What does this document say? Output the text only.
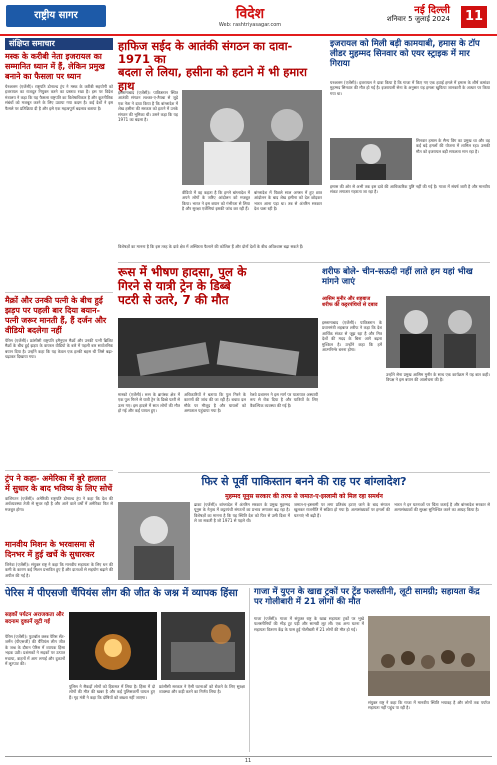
राष्ट्रीय सागर	विदेश
Web: rashtriyasagar.com
नई दिल्ली
शनिवार 5 जुलाई 2024	11
संक्षिप्त समाचार
मस्क के करीबी नेता इजरायल का सम्मानित ध्यान में हैं, लेकिन प्रमुख बनाने का फैसला पर ध्यान
येरुशलम (एजेंसी)। राष्ट्रपति डोनाल्ड ट्रंप ने मस्क के करीबी सहयोगी को इजरायल का राजदूत नियुक्त करने का प्रस्ताव रखा है। इस पर विदेश मंत्रालय ने कहा कि यह फैसला राष्ट्रपति का विशेषाधिकार है और कूटनीतिक संबंधों को मजबूत करने के लिए उठाया गया कदम है। कई देशों ने इस फैसले पर प्रतिक्रिया दी है और इसे एक महत्वपूर्ण बदलाव बताया है।
मैक्रों और उनकी पत्नी के बीच हुई झड़प पर पहली बार दिया बयान- पत्नी जरूर मानती हैं, हैं दर्जन और वीडियो बदलेगा नहीं
पेरिस (एजेंसी)। फ्रांसीसी राष्ट्रपति इमैनुएल मैक्रों और उनकी पत्नी ब्रिजिट मैक्रों के बीच हुई झड़प के वायरल वीडियो के बारे में पहली बार सार्वजनिक बयान दिया है। उन्होंने कहा कि यह केवल एक हल्की बहस थी जिसे बढ़ा-चढ़ाकर दिखाया गया।
ट्रंप ने कहा- अमेरिका में बुरे हालात में सुधार के बाद भविष्य के लिए सोचें
वाशिंगटन (एजेंसी)। अमेरिकी राष्ट्रपति डोनाल्ड ट्रंप ने कहा कि देश की अर्थव्यवस्था तेजी से सुधर रही है और आने वाले वर्षों में अमेरिका फिर से मजबूत होगा।
मानवीय मिशन के भरवासमा से दिनभर में हुई खर्चे के सुधारकर
जिनेवा (एजेंसी)। संयुक्त राष्ट्र ने कहा कि मानवीय सहायता के लिए धन की कमी के कारण कई मिशन प्रभावित हुए हैं और दाताओं से सहयोग बढ़ाने की अपील की गई है।
हाफिज सईद के आतंकी संगठन का दावा- 1971 का
बदला ले लिया, हसीना को हटाने में भी हमारा हाथ
इस्लामाबाद (एजेंसी)। पाकिस्तान स्थित आतंकी संगठन लश्कर-ए-तैयबा से जुड़े एक नेता ने दावा किया है कि बांग्लादेश में शेख हसीना की सरकार को हटाने में उनके संगठन की भूमिका थी। उसने कहा कि यह 1971 का बदला है।
वीडियो में वह कहता है कि हमने बांग्लादेश में अपने लोगों के जरिए आंदोलन को मजबूत किया। भारत ने इस बयान को गंभीरता से लिया है और सुरक्षा एजेंसियां इसकी जांच कर रही हैं।
बांग्लादेश में पिछले साल अगस्त में हुए छात्र आंदोलन के बाद शेख हसीना को देश छोड़कर भारत आना पड़ा था। तब से अंतरिम सरकार देश चला रही है।
विशेषज्ञों का मानना है कि इस तरह के दावे क्षेत्र में अस्थिरता फैलाने की कोशिश हैं और दोनों देशों के बीच अविश्वास बढ़ा सकते हैं।
इजरायल को मिली बड़ी कामयाबी, हमास के टॉप लीडर मुहम्मद सिनवार को एयर स्ट्राइक में मार गिराया
यरुशलम (एजेंसी)। इजरायल ने दावा किया है कि गाजा में किए गए एक हवाई हमले में हमास के शीर्ष कमांडर मुहम्मद सिनवार की मौत हो गई है। इजरायली सेना के अनुसार यह हमला खुफिया जानकारी के आधार पर किया गया था।
सिनवार हमास के सैन्य विंग का प्रमुख था और वह कई बड़े हमलों की योजना में शामिल रहा। उसकी मौत को इजरायल बड़ी सफलता मान रहा है।
हमास की ओर से अभी तक इस दावे की आधिकारिक पुष्टि नहीं की गई है। गाजा में संघर्ष जारी है और मानवीय संकट लगातार गहराता जा रहा है।
रूस में भीषण हादसा, पुल के
गिरने से यात्री ट्रेन के डिब्बे
पटरी से उतरे, 7 की मौत
मास्को (एजेंसी)। रूस के ब्रायंस्क क्षेत्र में एक पुल गिरने से यात्री ट्रेन के डिब्बे पटरी से उतर गए। इस हादसे में सात लोगों की मौत हो गई और कई घायल हुए।
अधिकारियों ने बताया कि पुल गिरने के कारणों की जांच की जा रही है। बचाव दल मौके पर मौजूद है और घायलों को अस्पताल पहुंचाया गया है।
रेलवे प्रशासन ने इस मार्ग पर यातायात अस्थायी रूप से रोक दिया है और यात्रियों के लिए वैकल्पिक व्यवस्था की गई है।
शरीफ बोले- चीन-सऊदी नहीं लाते हम यहां भीख मांगने जाएं
आसिम मुनीर और शहबाज शरीफ की कट्टरपंथियों से दबाव
इस्लामाबाद (एजेंसी)। पाकिस्तान के प्रधानमंत्री शहबाज शरीफ ने कहा कि देश आर्थिक संकट से जूझ रहा है और मित्र देशों की मदद के बिना आगे बढ़ना मुश्किल है। उन्होंने कहा कि हमें आत्मनिर्भर बनना होगा।
उन्होंने सेना प्रमुख आसिम मुनीर के साथ एक कार्यक्रम में यह बात कही। विपक्ष ने इस बयान की आलोचना की है।
फिर से पूर्वी पाकिस्तान बनने की राह पर बांग्लादेश?
मुहम्मद यूनुस सरकार की तरफ से जमात-ए-इस्लामी को मिल रहा समर्थन
ढाका (एजेंसी)। बांग्लादेश में अंतरिम सरकार के प्रमुख मुहम्मद यूनुस के नेतृत्व में कट्टरपंथी संगठनों का प्रभाव लगातार बढ़ रहा है। विशेषज्ञों का मानना है कि यह स्थिति देश को फिर से उसी दिशा में ले जा सकती है जो 1971 से पहले थी।
जमात-ए-इस्लामी पर लगा प्रतिबंध हटाए जाने के बाद संगठन खुलकर राजनीति में सक्रिय हो गया है। अल्पसंख्यकों पर हमलों की घटनाएं भी बढ़ी हैं।
भारत ने इन घटनाओं पर चिंता जताई है और बांग्लादेश सरकार से अल्पसंख्यकों की सुरक्षा सुनिश्चित करने का आग्रह किया है।
पेरिस में पीएसजी चैंपियंस लीग की जीत के जश्न में व्यापक हिंसा
सड़कों पर्यटन अराजकता और बदनाम दुकानें लूटी गईं
पेरिस (एजेंसी)। फुटबॉल क्लब पेरिस सेंट-जर्मेन (पीएसजी) की चैंपियंस लीग जीत के जश्न के दौरान पेरिस में व्यापक हिंसा भड़क उठी। प्रशंसकों ने सड़कों पर उत्पात मचाया, वाहनों में आग लगाई और दुकानों में लूटपाट की।
पुलिस ने सैकड़ों लोगों को हिरासत में लिया है। हिंसा में दो लोगों की मौत की खबर है और कई पुलिसकर्मी घायल हुए हैं। गृह मंत्री ने कहा कि दोषियों को बख्शा नहीं जाएगा।
फ्रांसीसी सरकार ने ऐसी घटनाओं को रोकने के लिए सुरक्षा व्यवस्था और कड़ी करने का निर्णय लिया है।
गाजा में युएन के खाद्य ट्रकों पर ट्रेंड फलस्तीनी, लूटी सामग्री; सहायता केंद्र पर गोलीबारी में 21 लोगों की मौत
गाजा (एजेंसी)। गाजा में संयुक्त राष्ट्र के खाद्य सहायता ट्रकों पर भूखे फलस्तीनियों की भीड़ टूट पड़ी और सामग्री लूट ली। एक अन्य घटना में सहायता वितरण केंद्र के पास हुई गोलीबारी में 21 लोगों की मौत हो गई।
संयुक्त राष्ट्र ने कहा कि गाजा में मानवीय स्थिति भयावह है और लोगों तक पर्याप्त सहायता नहीं पहुंच पा रही है।
11
